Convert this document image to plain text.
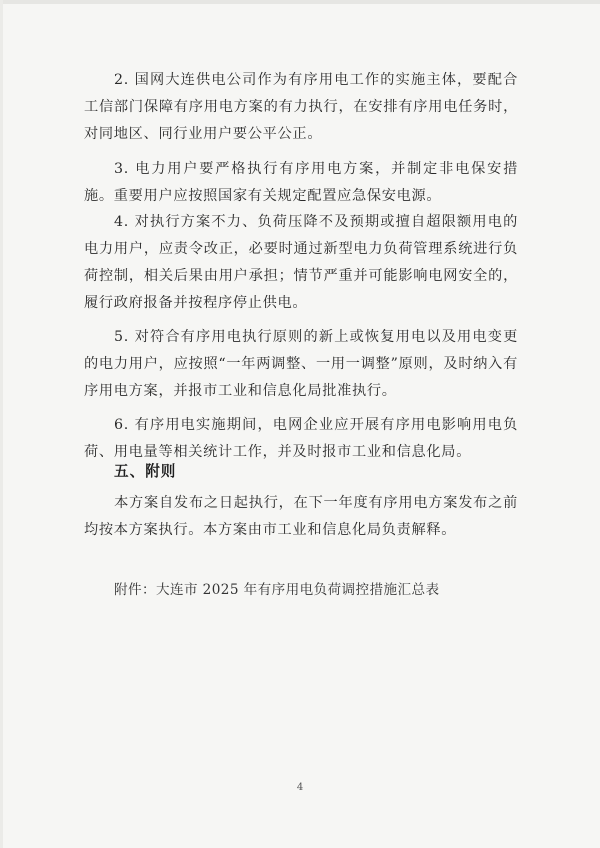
2. 国网大连供电公司作为有序用电工作的实施主体，要配合工信部门保障有序用电方案的有力执行，在安排有序用电任务时，对同地区、同行业用户要公平公正。

3. 电力用户要严格执行有序用电方案，并制定非电保安措施。重要用户应按照国家有关规定配置应急保安电源。

4. 对执行方案不力、负荷压降不及预期或擅自超限额用电的电力用户，应责令改正，必要时通过新型电力负荷管理系统进行负荷控制，相关后果由用户承担；情节严重并可能影响电网安全的，履行政府报备并按程序停止供电。

5. 对符合有序用电执行原则的新上或恢复用电以及用电变更的电力用户，应按照“一年两调整、一用一调整”原则，及时纳入有序用电方案，并报市工业和信息化局批准执行。

6. 有序用电实施期间，电网企业应开展有序用电影响用电负荷、用电量等相关统计工作，并及时报市工业和信息化局。

五、附则

本方案自发布之日起执行，在下一年度有序用电方案发布之前均按本方案执行。本方案由市工业和信息化局负责解释。

附件：大连市 2025 年有序用电负荷调控措施汇总表

4
